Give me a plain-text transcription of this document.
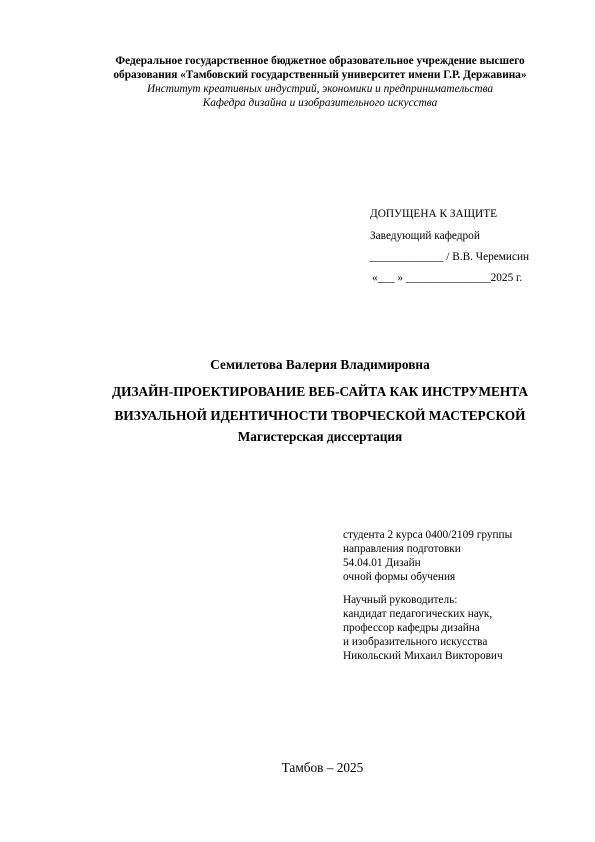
Федеральное государственное бюджетное образовательное учреждение высшего
образования «Тамбовский государственный университет имени Г.Р. Державина»
Институт креативных индустрий, экономики и предпринимательства
Кафедра дизайна и изобразительного искусства
ДОПУЩЕНА К ЗАЩИТЕ
Заведующий кафедрой
_____________ / В.В. Черемисин
«___ » _______________2025 г.
Семилетова Валерия Владимировна
ДИЗАЙН-ПРОЕКТИРОВАНИЕ ВЕБ-САЙТА КАК ИНСТРУМЕНТА
ВИЗУАЛЬНОЙ ИДЕНТИЧНОСТИ ТВОРЧЕСКОЙ МАСТЕРСКОЙ
Магистерская диссертация
студента 2 курса 0400/2109 группы
направления подготовки
54.04.01 Дизайн
очной формы обучения
Научный руководитель:
кандидат педагогических наук,
профессор кафедры дизайна
и изобразительного искусства
Никольский Михаил Викторович
Тамбов – 2025
